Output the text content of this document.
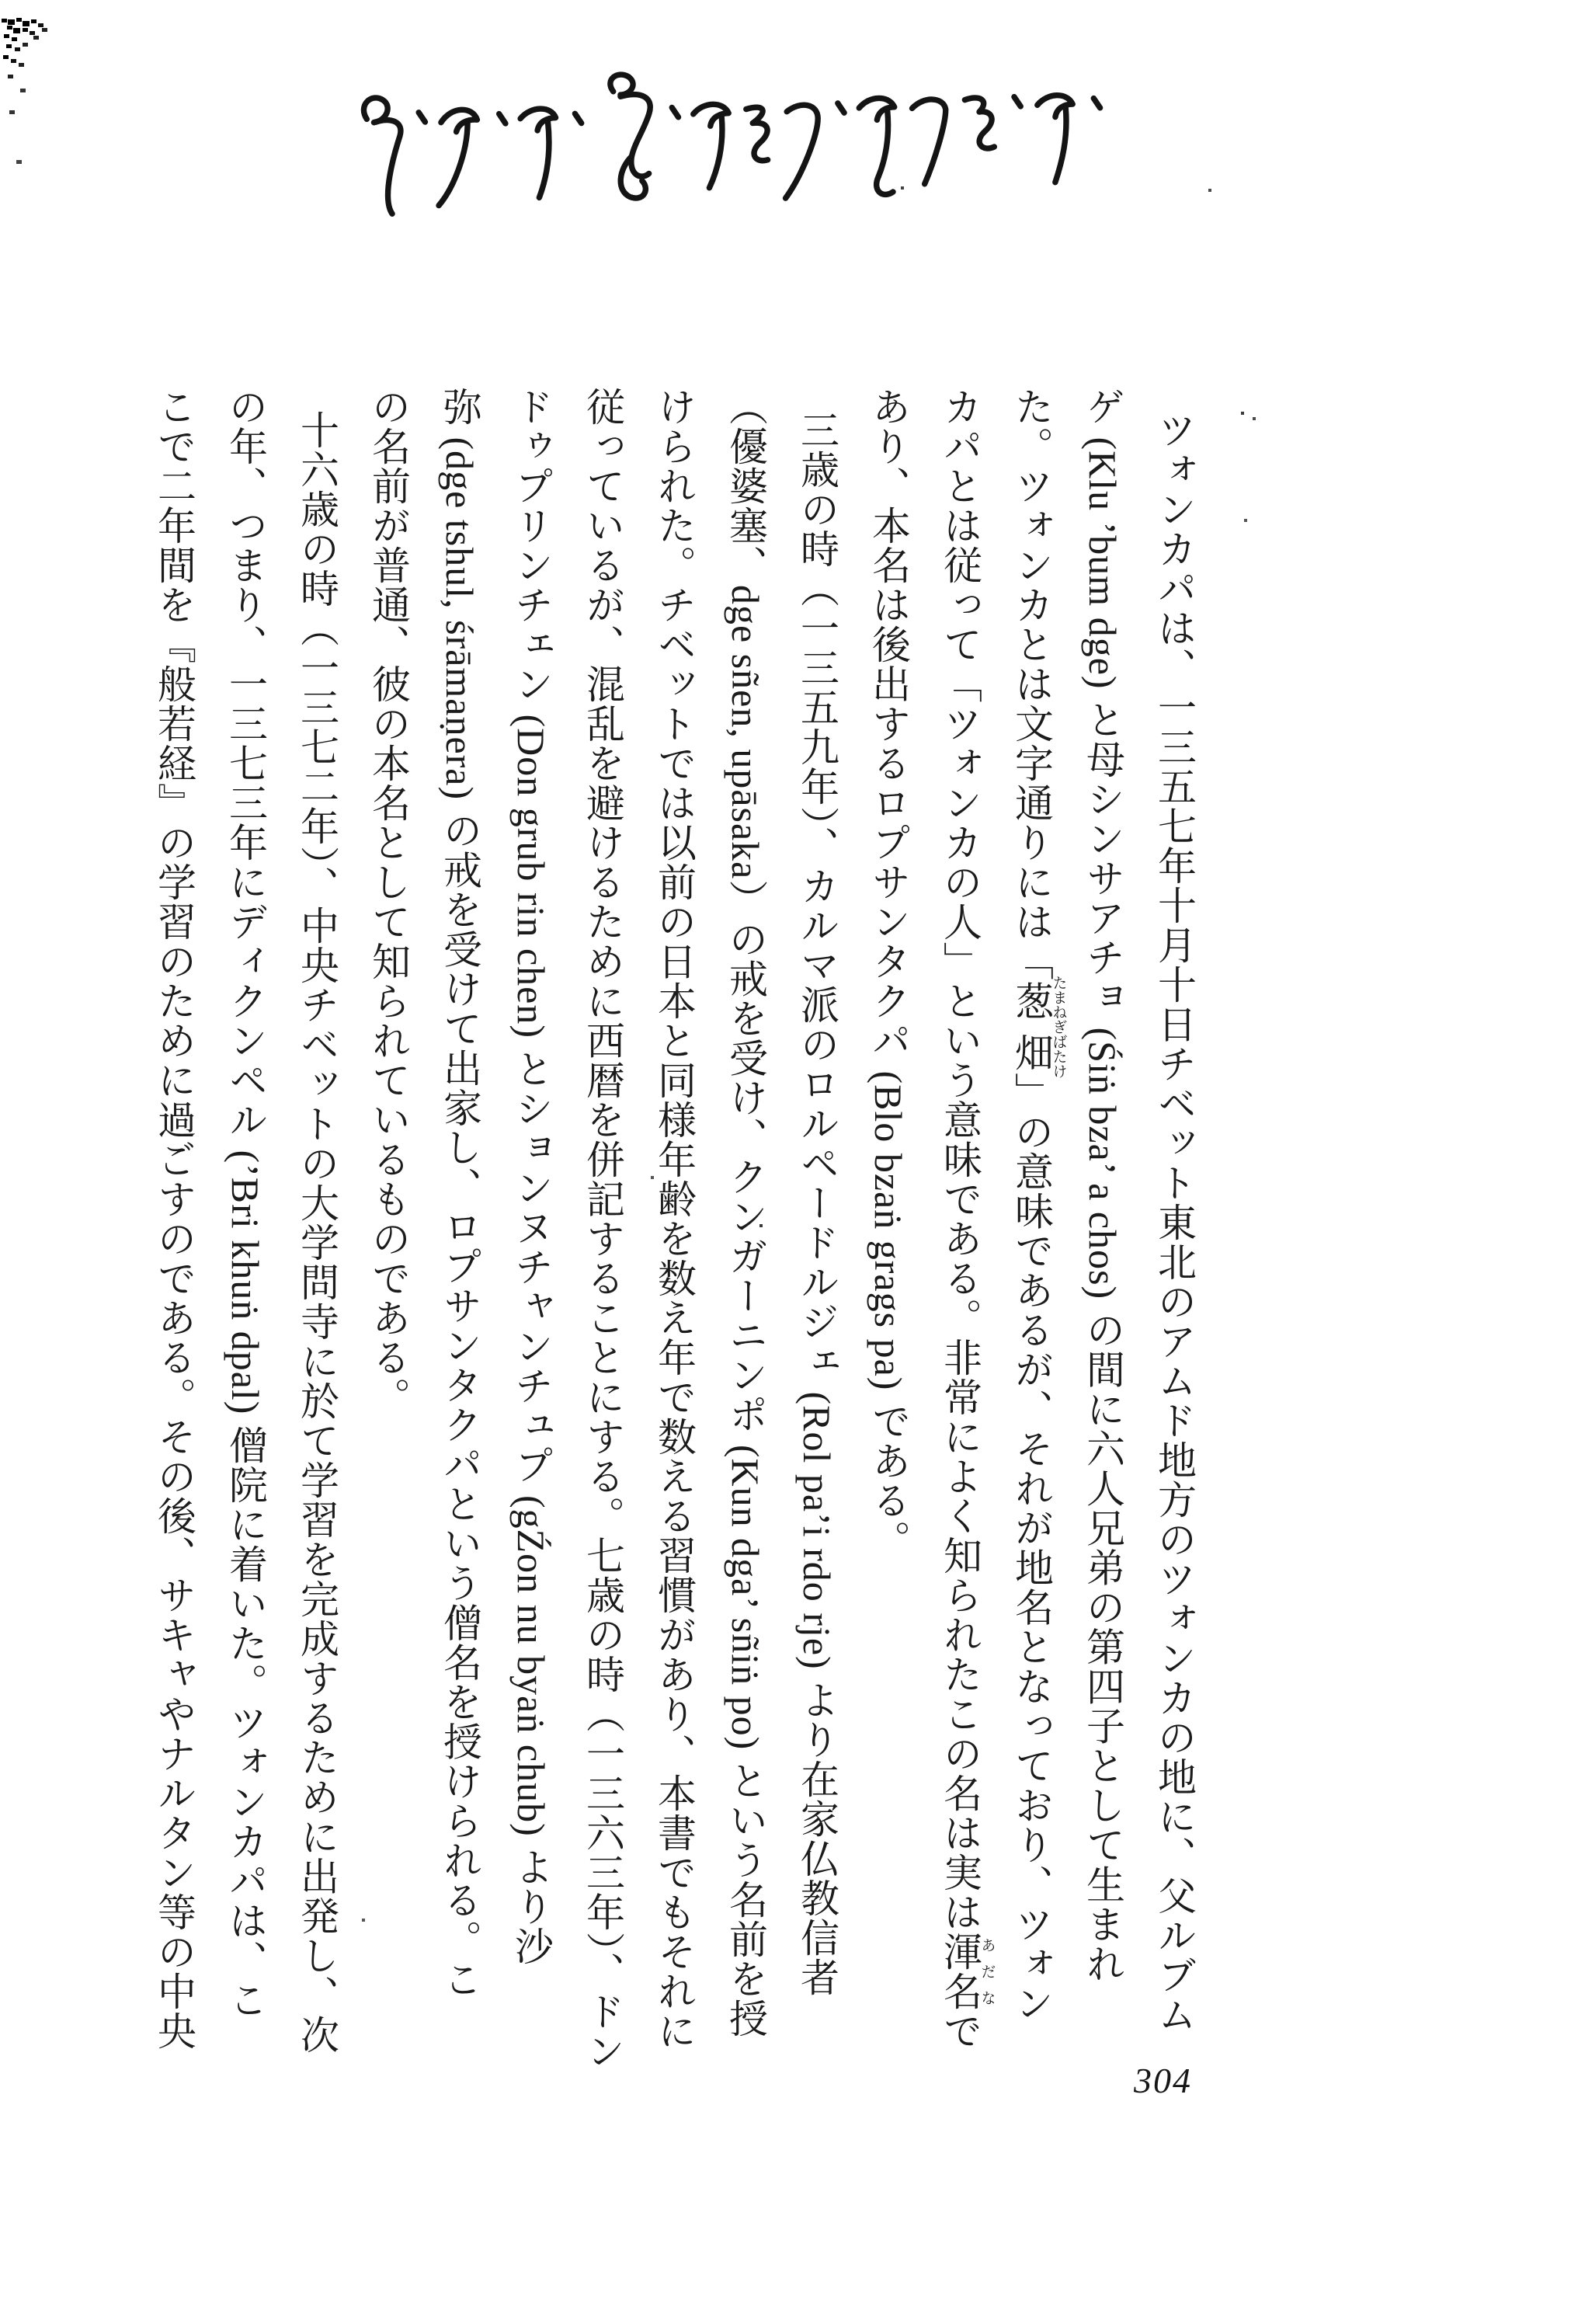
ツォンカパは、一三五七年十月十日チベット東北のアムド地方のツォンカの地に、父ルブム
ゲ (Klu ’bum dge) と母シンサアチョ (Śiṅ bza’ a chos) の間に六人兄弟の第四子として生まれ
た。ツォンカとは文字通りには「葱畑たまねぎばたけ」の意味であるが、それが地名となっており、ツォン
カパとは従って「ツォンカの人」という意味である。非常によく知られたこの名は実は渾名あだなで
あり、本名は後出するロプサンタクパ (Blo bzaṅ grags pa) である。

三歳の時（一三五九年）、カルマ派のロルペードルジェ (Rol pa’i rdo rje) より在家仏教信者
（優婆塞、dge sñen, upāsaka）の戒を受け、クンガーニンポ (Kun dga’ sñiṅ po) という名前を授
けられた。チベットでは以前の日本と同様年齢を数え年で数える習慣があり、本書でもそれに
従っているが、混乱を避けるために西暦を併記することにする。七歳の時（一三六三年）、ドン
ドゥプリンチェン (Don grub rin chen) とションヌチャンチュプ (gŹon nu byaṅ chub) より沙
弥 (dge tshul, śrāmaṇera) の戒を受けて出家し、ロプサンタクパという僧名を授けられる。こ
の名前が普通、彼の本名として知られているものである。

十六歳の時（一三七二年）、中央チベットの大学問寺に於て学習を完成するために出発し、次
の年、つまり、一三七三年にディクンペル (’Bri khuṅ dpal) 僧院に着いた。ツォンカパは、こ
こで二年間を『般若経』の学習のために過ごすのである。その後、サキャやナルタン等の中央

304
